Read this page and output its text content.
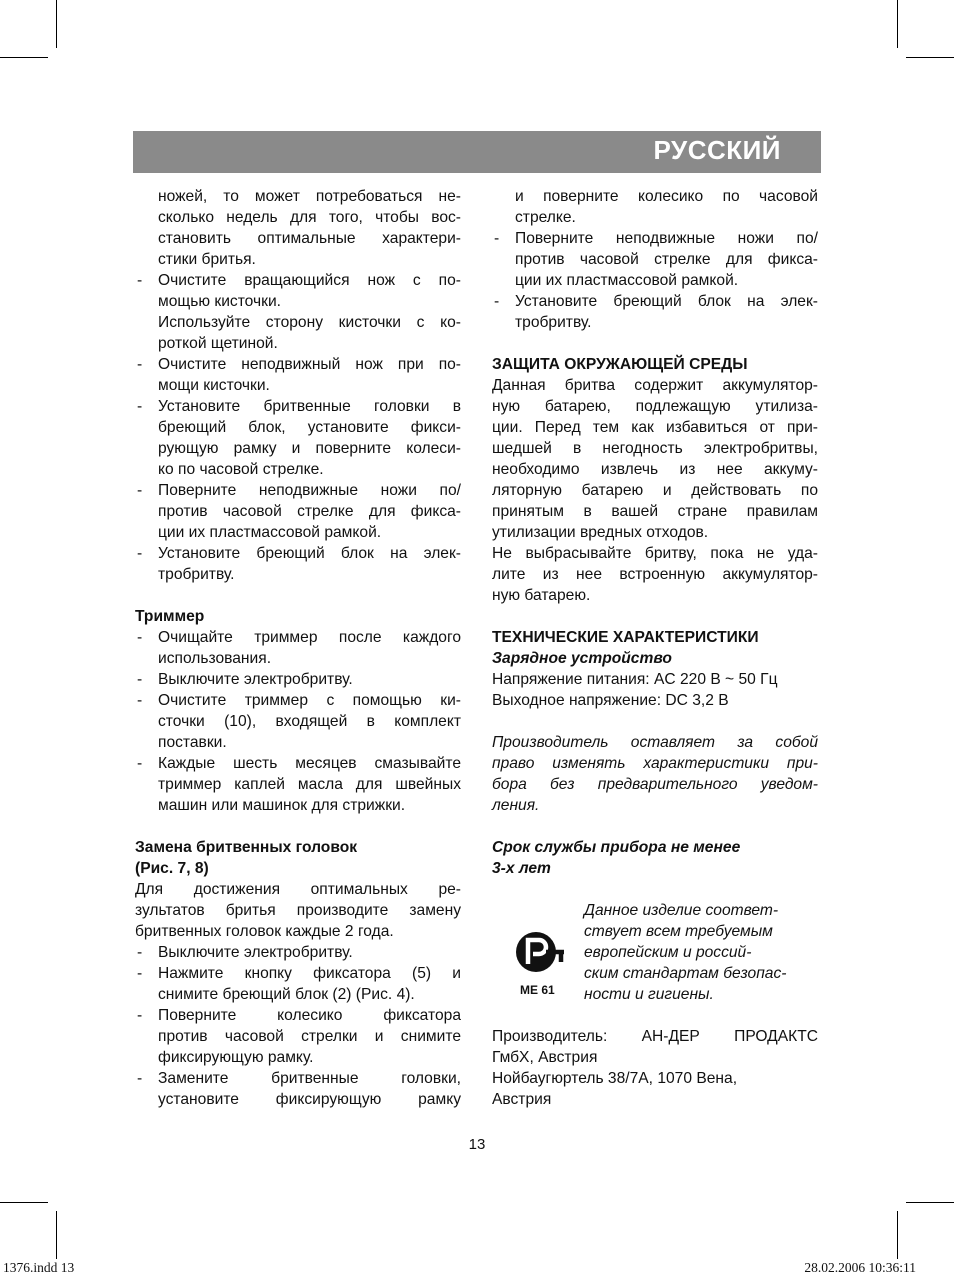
РУССКИЙ
ножей, то может потребоваться не-
сколько недель для того, чтобы вос-
становить оптимальные характери-
стики бритья.
- Очистите вращающийся нож с по-
мощью кисточки.
Используйте сторону кисточки с ко-
роткой щетиной.
- Очистите неподвижный нож при по-
мощи кисточки.
- Установите бритвенные головки в
бреющий блок, установите фикси-
рующую рамку и поверните колеси-
ко по часовой стрелке.
- Поверните неподвижные ножи по/
против часовой стрелке для фикса-
ции их пластмассовой рамкой.
- Установите бреющий блок на элек-
тробритву.
Триммер
- Очищайте триммер после каждого
использования.
- Выключите электробритву.
- Очистите триммер с помощью ки-
сточки (10), входящей в комплект
поставки.
- Каждые шесть месяцев смазывайте
триммер каплей масла для швейных
машин или машинок для стрижки.
Замена бритвенных головок
(Рис. 7, 8)
Для достижения оптимальных ре-
зультатов бритья производите замену
бритвенных головок каждые 2 года.
- Выключите электробритву.
- Нажмите кнопку фиксатора (5) и
снимите бреющий блок (2) (Рис. 4).
- Поверните колесико фиксатора
против часовой стрелки и снимите
фиксирующую рамку.
- Замените бритвенные головки,
установите фиксирующую рамку
и поверните колесико по часовой
стрелке.
- Поверните неподвижные ножи по/
против часовой стрелке для фикса-
ции их пластмассовой рамкой.
- Установите бреющий блок на элек-
тробритву.
ЗАЩИТА ОКРУЖАЮЩЕЙ СРЕДЫ
Данная бритва содержит аккумулятор-
ную батарею, подлежащую утилиза-
ции. Перед тем как избавиться от при-
шедшей в негодность электробритвы,
необходимо извлечь из нее аккуму-
ляторную батарею и действовать по
принятым в вашей стране правилам
утилизации вредных отходов.
Не выбрасывайте бритву, пока не уда-
лите из нее встроенную аккумулятор-
ную батарею.
ТЕХНИЧЕСКИЕ ХАРАКТЕРИСТИКИ
Зарядное устройство
Напряжение питания: AC 220 В ~ 50 Гц
Выходное напряжение: DC 3,2 В
Производитель оставляет за собой
право изменять характеристики при-
бора без предварительного уведом-
ления.
Срок службы прибора не менее
3-х лет
ME 61
Данное изделие соответ-
ствует всем требуемым
европейским и россий-
ским стандартам безопас-
ности и гигиены.
Производитель: АН-ДЕР ПРОДАКТС
ГмбХ, Австрия
Нойбаугюртель 38/7А, 1070 Вена,
Австрия
13
1376.indd 13	28.02.2006 10:36:11
